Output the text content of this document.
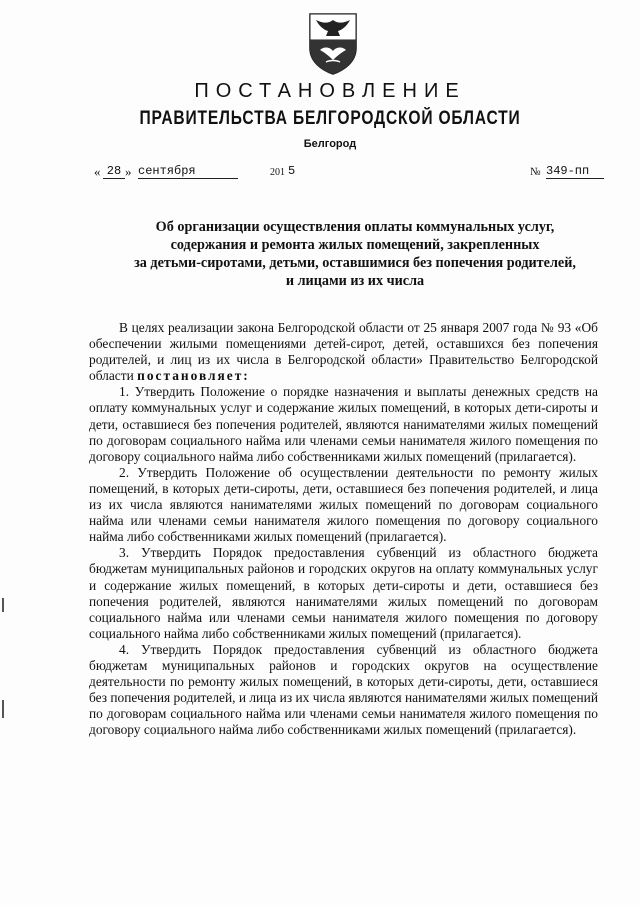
ПОСТАНОВЛЕНИЕ
ПРАВИТЕЛЬСТВА БЕЛГОРОДСКОЙ ОБЛАСТИ
Белгород
« 28 » сентября	201 5	№ 349-пп
Об организации осуществления оплаты коммунальных услуг,
содержания и ремонта жилых помещений, закрепленных
за детьми-сиротами, детьми, оставшимися без попечения родителей,
и лицами из их числа

В целях реализации закона Белгородской области от 25 января 2007 года № 93 «Об обеспечении жилыми помещениями детей-сирот, детей, оставшихся без попечения родителей, и лиц из их числа в Белгородской области» Правительство Белгородской области постановляет:

1. Утвердить Положение о порядке назначения и выплаты денежных средств на оплату коммунальных услуг и содержание жилых помещений, в которых дети-сироты и дети, оставшиеся без попечения родителей, являются нанимателями жилых помещений по договорам социального найма или членами семьи нанимателя жилого помещения по договору социального найма либо собственниками жилых помещений (прилагается).

2. Утвердить Положение об осуществлении деятельности по ремонту жилых помещений, в которых дети-сироты, дети, оставшиеся без попечения родителей, и лица из их числа являются нанимателями жилых помещений по договорам социального найма или членами семьи нанимателя жилого помещения по договору социального найма либо собственниками жилых помещений (прилагается).

3. Утвердить Порядок предоставления субвенций из областного бюджета бюджетам муниципальных районов и городских округов на оплату коммунальных услуг и содержание жилых помещений, в которых дети-сироты и дети, оставшиеся без попечения родителей, являются нанимателями жилых помещений по договорам социального найма или членами семьи нанимателя жилого помещения по договору социального найма либо собственниками жилых помещений (прилагается).

4. Утвердить Порядок предоставления субвенций из областного бюджета бюджетам муниципальных районов и городских округов на осуществление деятельности по ремонту жилых помещений, в которых дети-сироты, дети, оставшиеся без попечения родителей, и лица из их числа являются нанимателями жилых помещений по договорам социального найма или членами семьи нанимателя жилого помещения по договору социального найма либо собственниками жилых помещений (прилагается).
